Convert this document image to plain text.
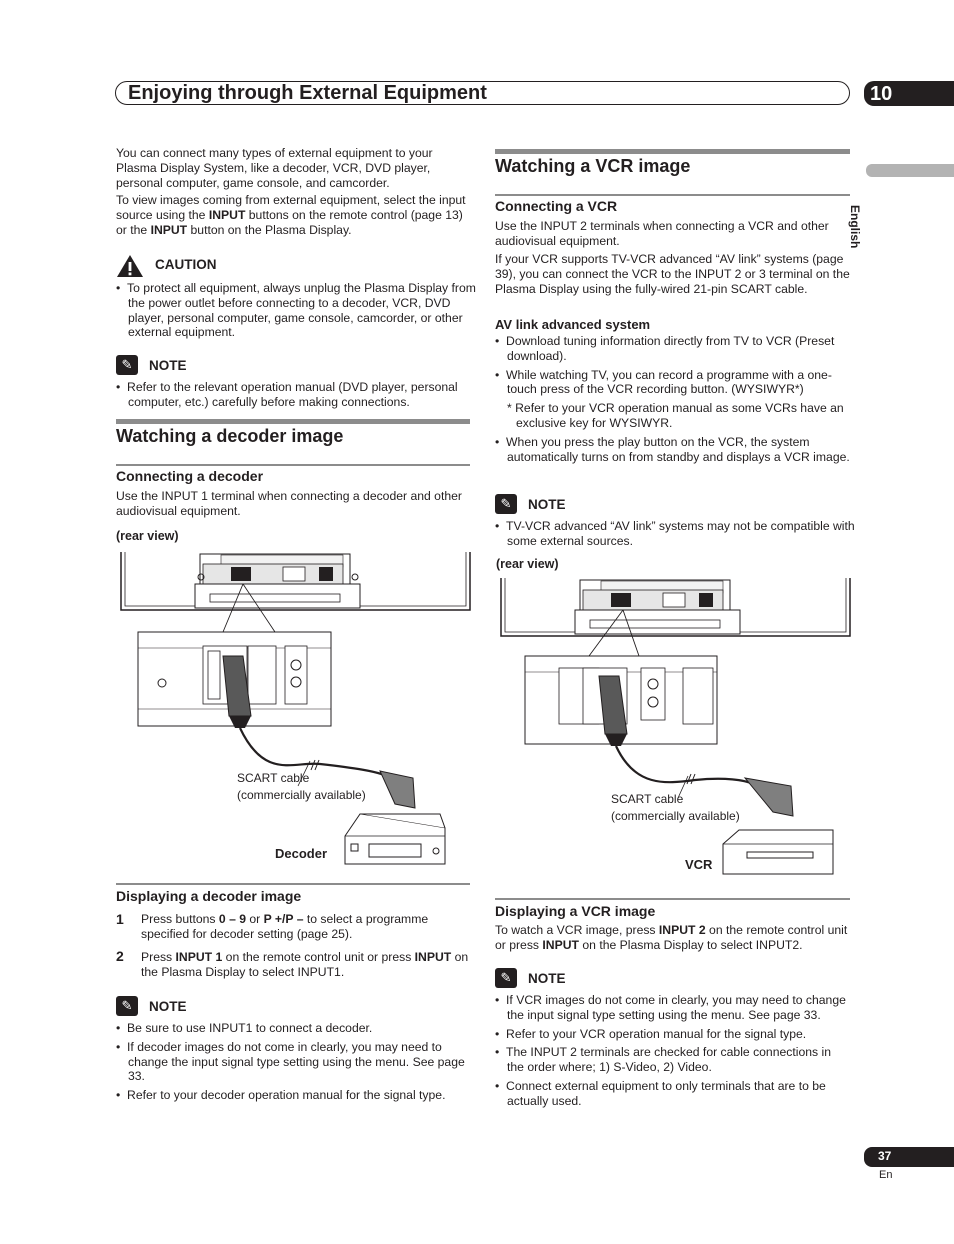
Enjoying through External Equipment	10
English
You can connect many types of external equipment to your Plasma Display System, like a decoder, VCR, DVD player, personal computer, game console, and camcorder.
To view images coming from external equipment, select the input source using the INPUT buttons on the remote control (page 13) or the INPUT button on the Plasma Display.
CAUTION
•  To protect all equipment, always unplug the Plasma Display from the power outlet before connecting to a decoder, VCR, DVD player, personal computer, game console, camcorder, or other external equipment.
✎	NOTE
•  Refer to the relevant operation manual (DVD player, personal computer, etc.) carefully before making connections.
Watching a decoder image
Connecting a decoder
Use the INPUT 1 terminal when connecting a decoder and other audiovisual equipment.
(rear view)
SCART cable
(commercially available)
Decoder
Displaying a decoder image
1 Press buttons 0 – 9 or P +/P – to select a programme specified for decoder setting (page 25).
2 Press INPUT 1 on the remote control unit or press INPUT on the Plasma Display to select INPUT1.
✎	NOTE
•  Be sure to use INPUT1 to connect a decoder.
•  If decoder images do not come in clearly, you may need to change the input signal type setting using the menu. See page 33.
•  Refer to your decoder operation manual for the signal type.
Watching a VCR image
Connecting a VCR
Use the INPUT 2 terminals when connecting a VCR and other audiovisual equipment.
If your VCR supports TV-VCR advanced “AV link” systems (page 39), you can connect the VCR to the INPUT 2 or 3 terminal on the Plasma Display using the fully-wired 21-pin SCART cable.
AV link advanced system
•  Download tuning information directly from TV to VCR (Preset download).
•  While watching TV, you can record a programme with a one-touch press of the VCR recording button. (WYSIWYR*)
* Refer to your VCR operation manual as some VCRs have an exclusive key for WYSIWYR.
•  When you press the play button on the VCR, the system automatically turns on from standby and displays a VCR image.
✎	NOTE
•  TV-VCR advanced “AV link” systems may not be compatible with some external sources.
(rear view)
SCART cable
(commercially available)
VCR
Displaying a VCR image
To watch a VCR image, press INPUT 2 on the remote control unit or press INPUT on the Plasma Display to select INPUT2.
✎	NOTE
•  If VCR images do not come in clearly, you may need to change the input signal type setting using the menu. See page 33.
•  Refer to your VCR operation manual for the signal type.
•  The INPUT 2 terminals are checked for cable connections in the order where; 1) S-Video, 2) Video.
•  Connect external equipment to only terminals that are to be actually used.
37
En
